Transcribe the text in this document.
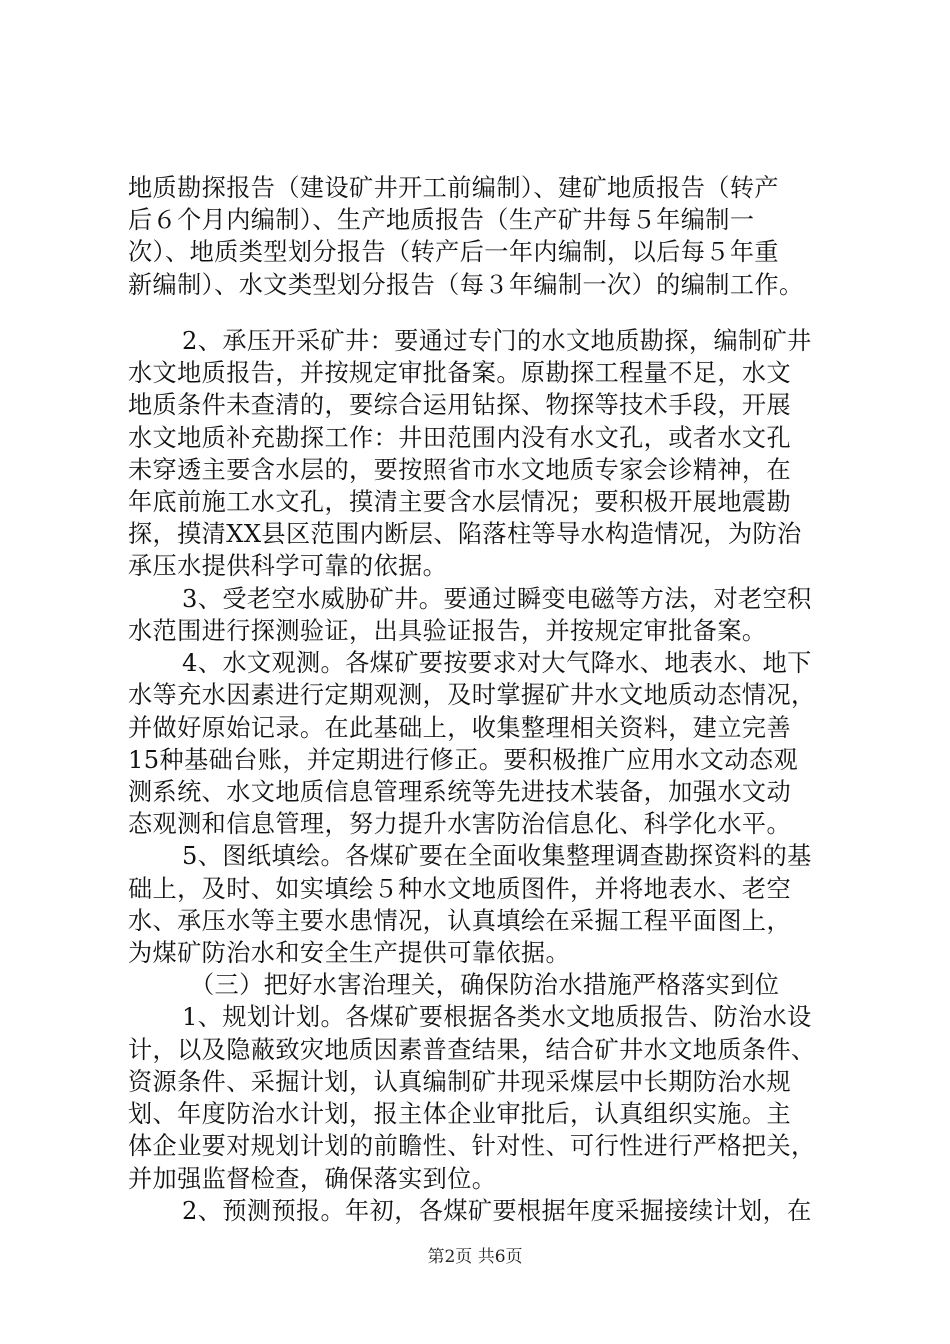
地质勘探报告（建设矿井开工前编制）、建矿地质报告（转产
后６个月内编制）、生产地质报告（生产矿井每５年编制一
次）、地质类型划分报告（转产后一年内编制，以后每５年重
新编制）、水文类型划分报告（每３年编制一次）的编制工作。
2、承压开采矿井：要通过专门的水文地质勘探，编制矿井
水文地质报告，并按规定审批备案。原勘探工程量不足，水文
地质条件未查清的，要综合运用钻探、物探等技术手段，开展
水文地质补充勘探工作：井田范围内没有水文孔，或者水文孔
未穿透主要含水层的，要按照省市水文地质专家会诊精神，在
年底前施工水文孔，摸清主要含水层情况；要积极开展地震勘
探，摸清XX县区范围内断层、陷落柱等导水构造情况，为防治
承压水提供科学可靠的依据。
3、受老空水威胁矿井。要通过瞬变电磁等方法，对老空积
水范围进行探测验证，出具验证报告，并按规定审批备案。
4、水文观测。各煤矿要按要求对大气降水、地表水、地下
水等充水因素进行定期观测，及时掌握矿井水文地质动态情况，
并做好原始记录。在此基础上，收集整理相关资料，建立完善
15种基础台账，并定期进行修正。要积极推广应用水文动态观
测系统、水文地质信息管理系统等先进技术装备，加强水文动
态观测和信息管理，努力提升水害防治信息化、科学化水平。
5、图纸填绘。各煤矿要在全面收集整理调查勘探资料的基
础上，及时、如实填绘５种水文地质图件，并将地表水、老空
水、承压水等主要水患情况，认真填绘在采掘工程平面图上，
为煤矿防治水和安全生产提供可靠依据。
（三）把好水害治理关，确保防治水措施严格落实到位
1、规划计划。各煤矿要根据各类水文地质报告、防治水设
计，以及隐蔽致灾地质因素普查结果，结合矿井水文地质条件、
资源条件、采掘计划，认真编制矿井现采煤层中长期防治水规
划、年度防治水计划，报主体企业审批后，认真组织实施。主
体企业要对规划计划的前瞻性、针对性、可行性进行严格把关，
并加强监督检查，确保落实到位。
2、预测预报。年初，各煤矿要根据年度采掘接续计划，在
第2页 共6页
